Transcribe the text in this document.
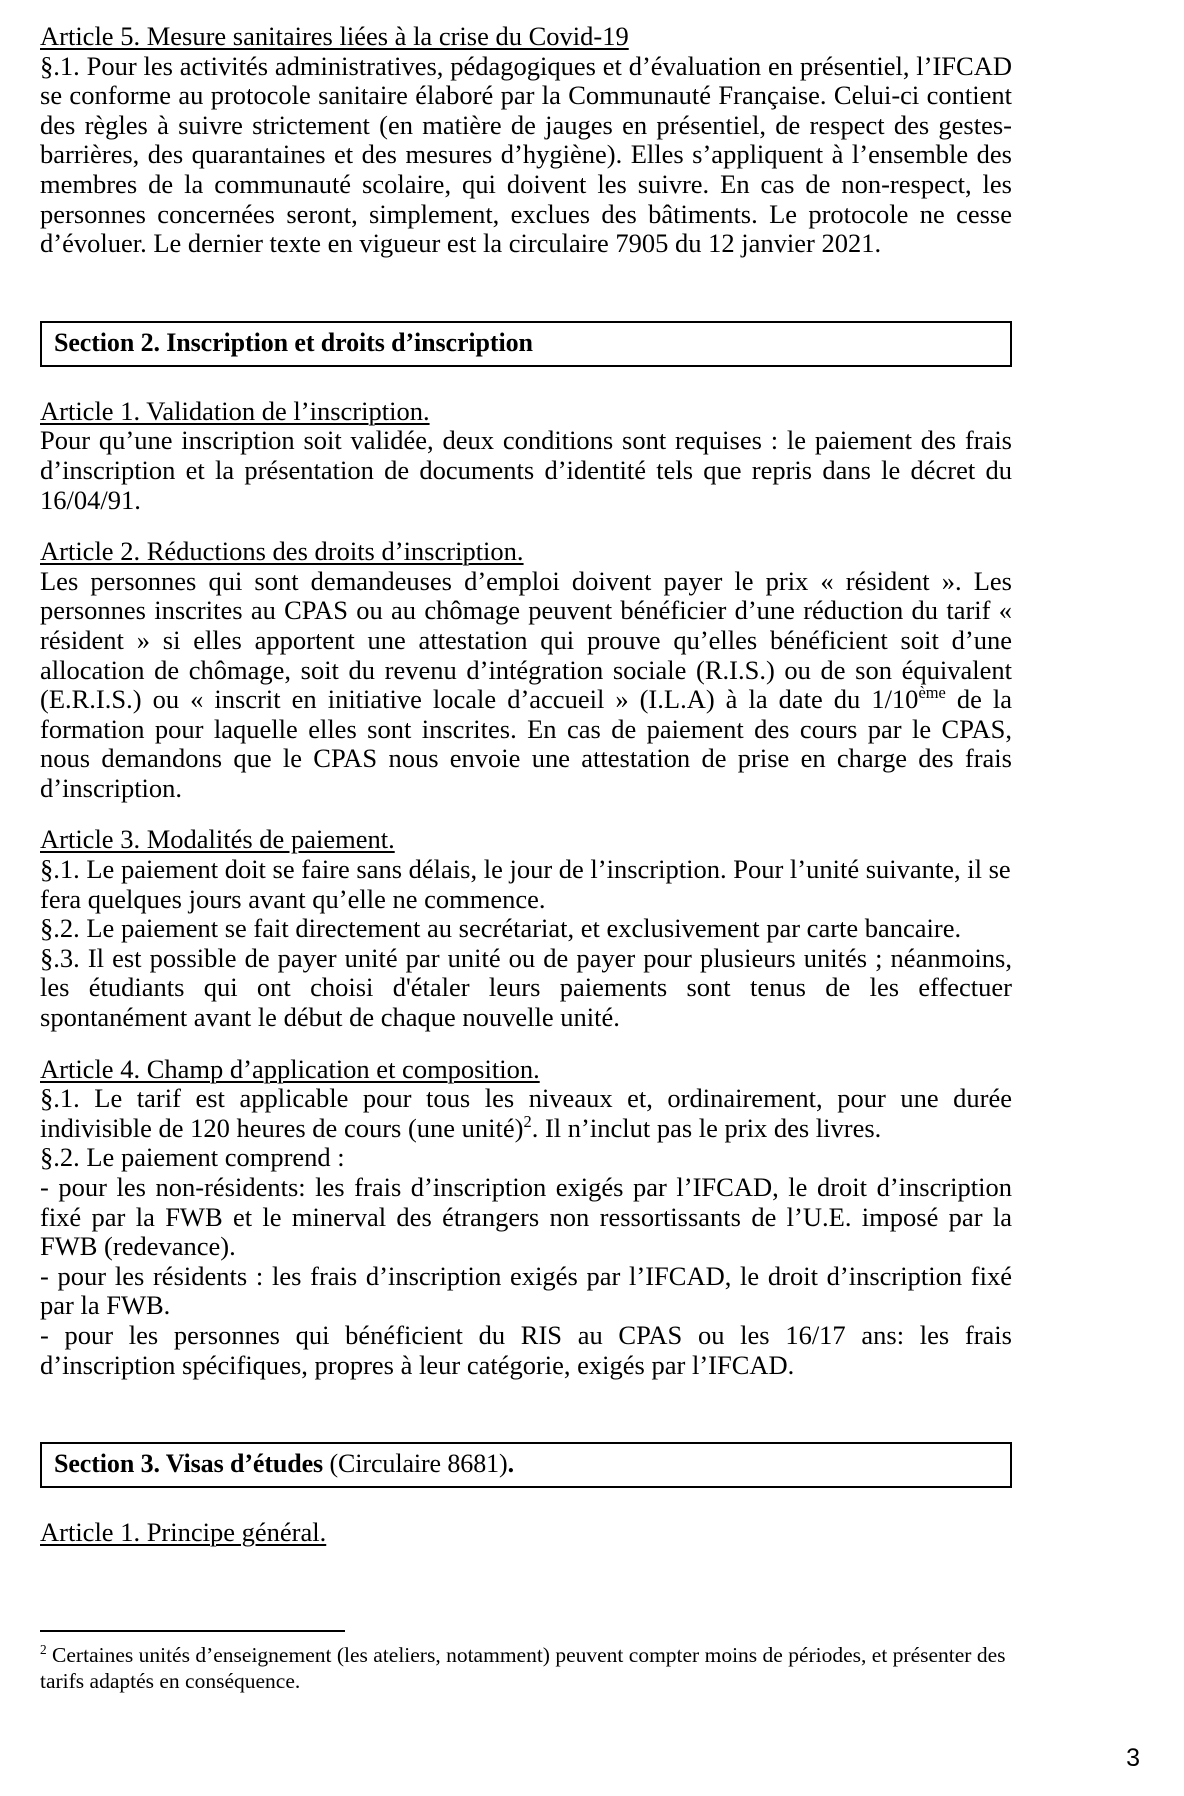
Article 5. Mesure sanitaires liées à la crise du Covid-19

§.1. Pour les activités administratives, pédagogiques et d’évaluation en présentiel, l’IFCAD se conforme au protocole sanitaire élaboré par la Communauté Française. Celui-ci contient des règles à suivre strictement (en matière de jauges en présentiel, de respect des gestes-barrières, des quarantaines et des mesures d’hygiène). Elles s’appliquent à l’ensemble des membres de la communauté scolaire, qui doivent les suivre. En cas de non-respect, les personnes concernées seront, simplement, exclues des bâtiments. Le protocole ne cesse d’évoluer. Le dernier texte en vigueur est la circulaire 7905 du 12 janvier 2021.

Section 2. Inscription et droits d’inscription
Article 1. Validation de l’inscription.

Pour qu’une inscription soit validée, deux conditions sont requises : le paiement des frais d’inscription et la présentation de documents d’identité tels que repris dans le décret du 16/04/91.

Article 2. Réductions des droits d’inscription.

Les personnes qui sont demandeuses d’emploi doivent payer le prix « résident ». Les personnes inscrites au CPAS ou au chômage peuvent bénéficier d’une réduction du tarif « résident » si elles apportent une attestation qui prouve qu’elles bénéficient soit d’une allocation de chômage, soit du revenu d’intégration sociale (R.I.S.) ou de son équivalent (E.R.I.S.) ou « inscrit en initiative locale d’accueil » (I.L.A) à la date du 1/10ème de la formation pour laquelle elles sont inscrites. En cas de paiement des cours par le CPAS, nous demandons que le CPAS nous envoie une attestation de prise en charge des frais d’inscription.

Article 3. Modalités de paiement.

§.1. Le paiement doit se faire sans délais, le jour de l’inscription. Pour l’unité suivante, il se fera quelques jours avant qu’elle ne commence.

§.2. Le paiement se fait directement au secrétariat, et exclusivement par carte bancaire.

§.3. Il est possible de payer unité par unité ou de payer pour plusieurs unités ; néanmoins, les étudiants qui ont choisi d'étaler leurs paiements sont tenus de les effectuer spontanément avant le début de chaque nouvelle unité.

Article 4. Champ d’application et composition.

§.1. Le tarif est applicable pour tous les niveaux et, ordinairement, pour une durée indivisible de 120 heures de cours (une unité)$^2$. Il n’inclut pas le prix des livres.

§.2. Le paiement comprend :

- pour les non-résidents: les frais d’inscription exigés par l’IFCAD, le droit d’inscription fixé par la FWB et le minerval des étrangers non ressortissants de l’U.E. imposé par la FWB (redevance).

- pour les résidents : les frais d’inscription exigés par l’IFCAD, le droit d’inscription fixé par la FWB.

- pour les personnes qui bénéficient du RIS au CPAS ou les 16/17 ans: les frais d’inscription spécifiques, propres à leur catégorie, exigés par l’IFCAD.

Section 3. Visas d’études (Circulaire 8681).
Article 1. Principe général.
$^2$ Certaines unités d’enseignement (les ateliers, notamment) peuvent compter moins de périodes, et présenter des tarifs adaptés en conséquence.
3
